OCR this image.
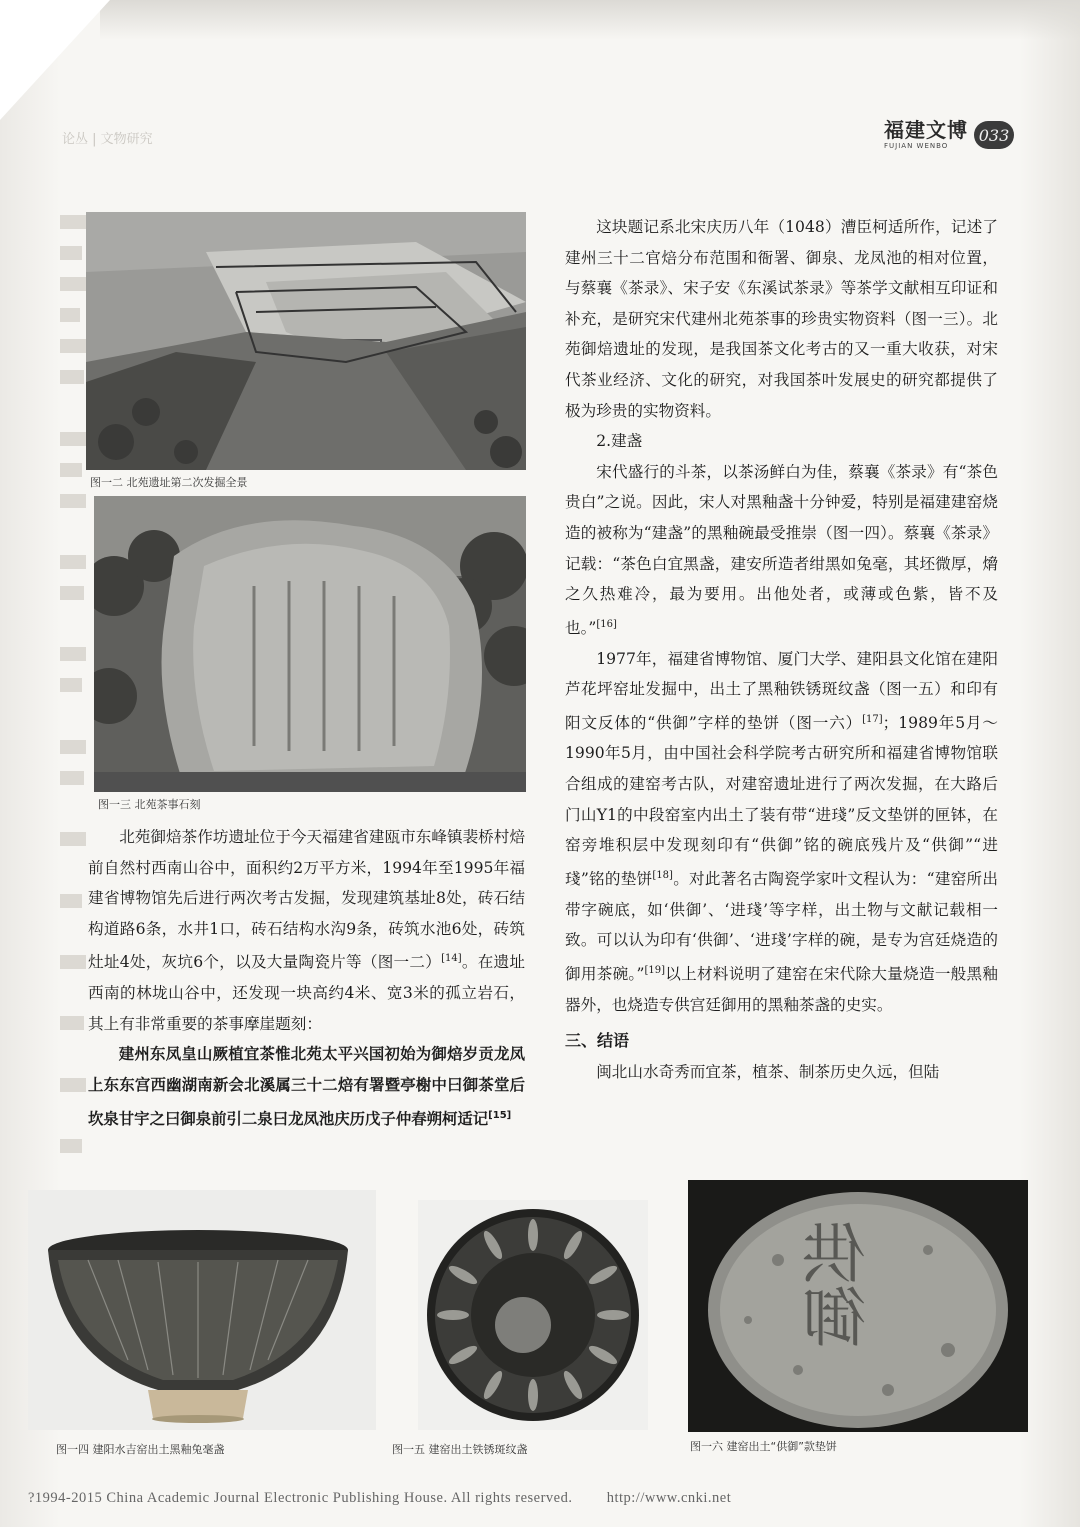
论丛 | 文物研究	福建文博
FUJIAN WENBO
033
图一二 北苑遗址第二次发掘全景
图一三 北苑茶事石刻

北苑御焙茶作坊遗址位于今天福建省建瓯市东峰镇裴桥村焙前自然村西南山谷中，面积约2万平方米，1994年至1995年福建省博物馆先后进行两次考古发掘，发现建筑基址8处，砖石结构道路6条，水井1口，砖石结构水沟9条，砖筑水池6处，砖筑灶址4处，灰坑6个，以及大量陶瓷片等（图一二）[14]。在遗址西南的林垅山谷中，还发现一块高约4米、宽3米的孤立岩石，其上有非常重要的茶事摩崖题刻：

建州东凤皇山厥植宜茶惟北苑太平兴国初始为御焙岁贡龙凤上东东宫西幽湖南新会北溪属三十二焙有署暨亭榭中曰御茶堂后坎泉甘宇之曰御泉前引二泉曰龙凤池庆历戊子仲春朔柯适记[15]

这块题记系北宋庆历八年（1048）漕臣柯适所作，记述了建州三十二官焙分布范围和衙署、御泉、龙凤池的相对位置，与蔡襄《茶录》、宋子安《东溪试茶录》等茶学文献相互印证和补充，是研究宋代建州北苑茶事的珍贵实物资料（图一三）。北苑御焙遗址的发现，是我国茶文化考古的又一重大收获，对宋代茶业经济、文化的研究，对我国茶叶发展史的研究都提供了极为珍贵的实物资料。

2.建盏

宋代盛行的斗茶，以茶汤鲜白为佳，蔡襄《茶录》有“茶色贵白”之说。因此，宋人对黑釉盏十分钟爱，特别是福建建窑烧造的被称为“建盏”的黑釉碗最受推崇（图一四）。蔡襄《茶录》记载：“茶色白宜黑盏，建安所造者绀黑如兔毫，其坯微厚，熁之久热难冷，最为要用。出他处者，或薄或色紫，皆不及也。”[16]

1977年，福建省博物馆、厦门大学、建阳县文化馆在建阳芦花坪窑址发掘中，出土了黑釉铁锈斑纹盏（图一五）和印有阳文反体的“供御”字样的垫饼（图一六）[17]；1989年5月～1990年5月，由中国社会科学院考古研究所和福建省博物馆联合组成的建窑考古队，对建窑遗址进行了两次发掘，在大路后门山Y1的中段窑室内出土了装有带“进琖”反文垫饼的匣钵，在窑旁堆积层中发现刻印有“供御”铭的碗底残片及“供御”“进琖”铭的垫饼[18]。对此著名古陶瓷学家叶文程认为：“建窑所出带字碗底，如‘供御’、‘进琖’等字样，出土物与文献记载相一致。可以认为印有‘供御’、‘进琖’字样的碗，是专为宫廷烧造的御用茶碗。”[19]以上材料说明了建窑在宋代除大量烧造一般黑釉器外，也烧造专供宫廷御用的黑釉茶盏的史实。

三、结语

闽北山水奇秀而宜茶，植茶、制茶历史久远，但陆

图一四 建阳水吉窑出土黑釉兔毫盏	图一五 建窑出土铁锈斑纹盏
供御
图一六 建窑出土“供御”款垫饼
?1994-2015 China Academic Journal Electronic Publishing House. All rights reserved. http://www.cnki.net
